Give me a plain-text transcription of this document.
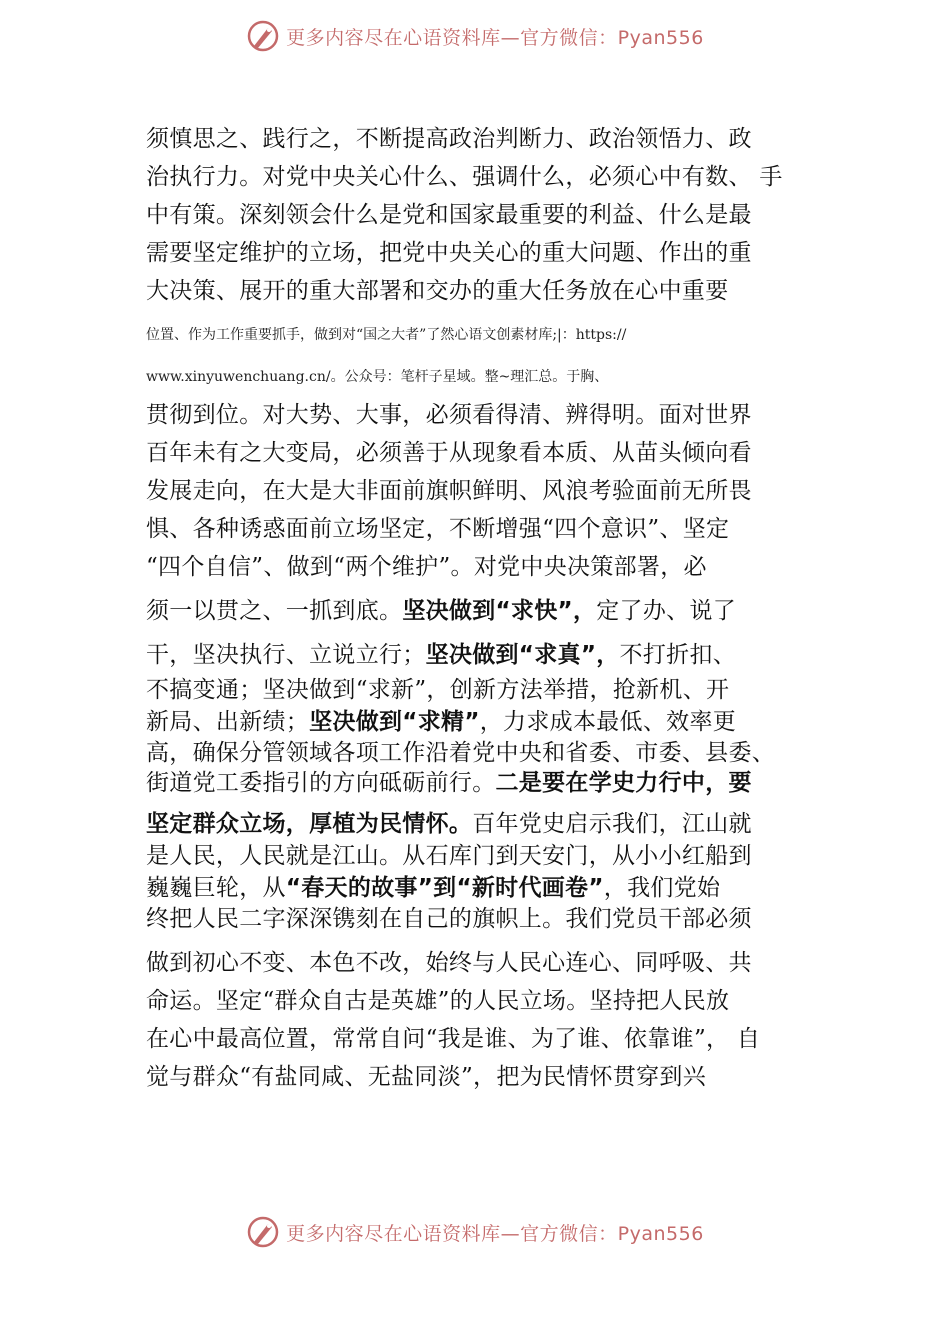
更多内容尽在心语资料库—官方微信：Pyan556
须慎思之、践行之，不断提高政治判断力、政治领悟力、政
治执行力。对党中央关心什么、强调什么，必须心中有数、 手
中有策。深刻领会什么是党和国家最重要的利益、什么是最
需要坚定维护的立场，把党中央关心的重大问题、作出的重
大决策、展开的重大部署和交办的重大任务放在心中重要
位置、作为工作重要抓手，做到对“国之大者”了然心语文创素材库;|：https://
www.xinyuwenchuang.cn/。公众号：笔杆子星域。整~理汇总。于胸、
贯彻到位。对大势、大事，必须看得清、辨得明。面对世界
百年未有之大变局，必须善于从现象看本质、从苗头倾向看
发展走向，在大是大非面前旗帜鲜明、风浪考验面前无所畏
惧、各种诱惑面前立场坚定，不断增强“四个意识”、坚定
“四个自信”、做到“两个维护”。对党中央决策部署，必
须一以贯之、一抓到底。坚决做到“求快”，定了办、说了
干，坚决执行、立说立行；坚决做到“求真”，不打折扣、
不搞变通；坚决做到“求新”，创新方法举措，抢新机、开
新局、出新绩；坚决做到“求精”，力求成本最低、效率更
高，确保分管领域各项工作沿着党中央和省委、市委、县委、
街道党工委指引的方向砥砺前行。二是要在学史力行中，要
坚定群众立场，厚植为民情怀。百年党史启示我们，江山就
是人民，人民就是江山。从石库门到天安门，从小小红船到
巍巍巨轮，从“春天的故事”到“新时代画卷”，我们党始
终把人民二字深深镌刻在自己的旗帜上。我们党员干部必须
做到初心不变、本色不改，始终与人民心连心、同呼吸、共
命运。坚定“群众自古是英雄”的人民立场。坚持把人民放
在心中最高位置，常常自问“我是谁、为了谁、依靠谁”， 自
觉与群众“有盐同咸、无盐同淡”，把为民情怀贯穿到兴
更多内容尽在心语资料库—官方微信：Pyan556
